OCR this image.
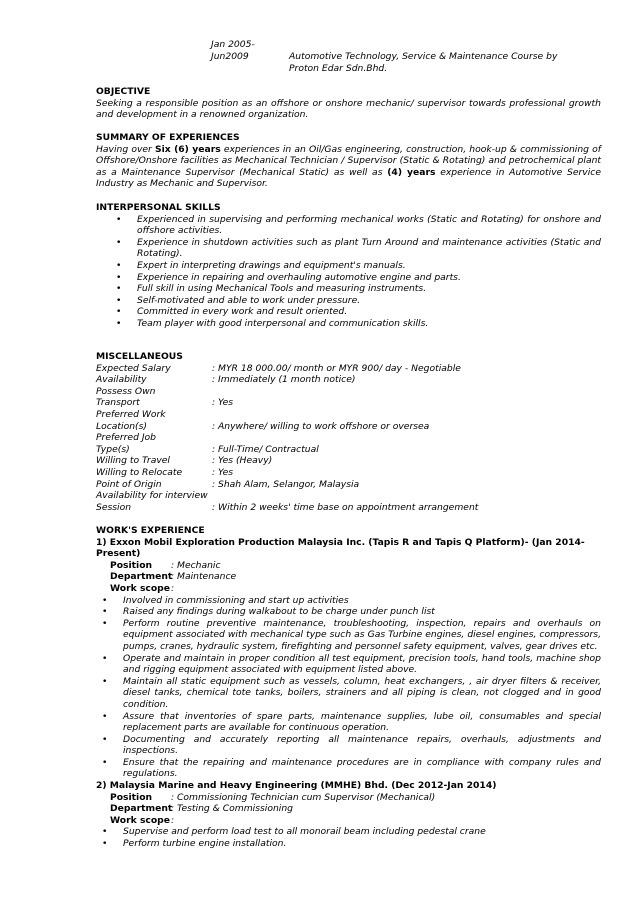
Jan 2005-
Jun2009	Automotive Technology, Service & Maintenance Course by
Proton Edar Sdn.Bhd.
OBJECTIVE
Seeking a responsible position as an offshore or onshore mechanic/ supervisor towards professional growth and development in a renowned organization.
SUMMARY OF EXPERIENCES
Having over Six (6) years experiences in an Oil/Gas engineering, construction, hook-up & commissioning of Offshore/Onshore facilities as Mechanical Technician / Supervisor (Static & Rotating) and petrochemical plant as a Maintenance Supervisor (Mechanical Static) as well as (4) years experience in Automotive Service Industry as Mechanic and Supervisor.
INTERPERSONAL SKILLS
• Experienced in supervising and performing mechanical works (Static and Rotating) for onshore and offshore activities.
• Experience in shutdown activities such as plant Turn Around and maintenance activities (Static and Rotating).
• Expert in interpreting drawings and equipment's manuals.
• Experience in repairing and overhauling automotive engine and parts.
• Full skill in using Mechanical Tools and measuring instruments.
• Self-motivated and able to work under pressure.
• Committed in every work and result oriented.
• Team player with good interpersonal and communication skills.
MISCELLANEOUS
Expected Salary	: MYR 18 000.00/ month or MYR 900/ day - Negotiable
Availability	: Immediately (1 month notice)
Possess Own

Transport	: Yes
Preferred Work

Location(s)	: Anywhere/ willing to work offshore or oversea
Preferred Job

Type(s)	: Full-Time/ Contractual
Willing to Travel	: Yes (Heavy)
Willing to Relocate	: Yes
Point of Origin	: Shah Alam, Selangor, Malaysia
Availability for interview

Session	: Within 2 weeks' time base on appointment arrangement
WORK'S EXPERIENCE
1) Exxon Mobil Exploration Production Malaysia Inc. (Tapis R and Tapis Q Platform)- (Jan 2014-Present)
Position	: Mechanic
Department
: Maintenance
Work scope :
• Involved in commissioning and start up activities
• Raised any findings during walkabout to be charge under punch list
• Perform routine preventive maintenance, troubleshooting, inspection, repairs and overhauls on equipment associated with mechanical type such as Gas Turbine engines, diesel engines, compressors, pumps, cranes, hydraulic system, firefighting and personnel safety equipment, valves, gear drives etc.
• Operate and maintain in proper condition all test equipment, precision tools, hand tools, machine shop and rigging equipment associated with equipment listed above.
• Maintain all static equipment such as vessels, column, heat exchangers, , air dryer filters & receiver, diesel tanks, chemical tote tanks, boilers, strainers and all piping is clean, not clogged and in good condition.
• Assure that inventories of spare parts, maintenance supplies, lube oil, consumables and special replacement parts are available for continuous operation.
• Documenting and accurately reporting all maintenance repairs, overhauls, adjustments and inspections.
• Ensure that the repairing and maintenance procedures are in compliance with company rules and regulations.
2) Malaysia Marine and Heavy Engineering (MMHE) Bhd. (Dec 2012-Jan 2014)
Position	: Commissioning Technician cum Supervisor (Mechanical)
Department
: Testing & Commissioning
Work scope :
• Supervise and perform load test to all monorail beam including pedestal crane
• Perform turbine engine installation.
